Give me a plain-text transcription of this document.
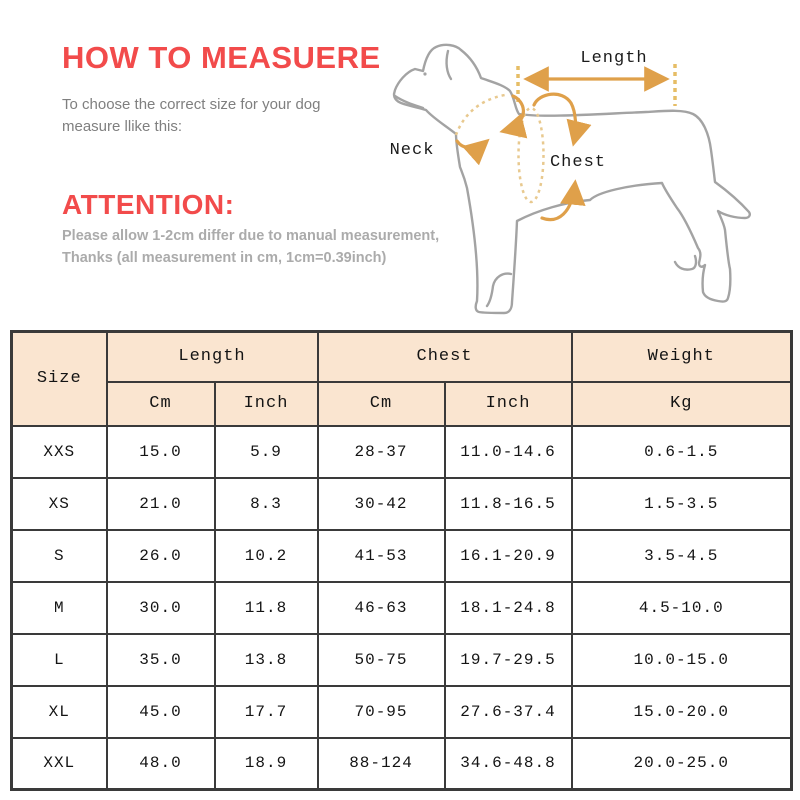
HOW TO MEASUERE
To choose the correct size for your dog
measure llike this:
ATTENTION:
Please allow 1-2cm differ due to manual measurement,
Thanks (all measurement in cm, 1cm=0.39inch)
Length
Neck
Chest
Size	Length		Chest		Weight
	Cm	Inch	Cm	Inch	Kg
XXS	15.0	5.9	28-37	11.0-14.6	0.6-1.5
XS	21.0	8.3	30-42	11.8-16.5	1.5-3.5
S	26.0	10.2	41-53	16.1-20.9	3.5-4.5
M	30.0	11.8	46-63	18.1-24.8	4.5-10.0
L	35.0	13.8	50-75	19.7-29.5	10.0-15.0
XL	45.0	17.7	70-95	27.6-37.4	15.0-20.0
XXL	48.0	18.9	88-124	34.6-48.8	20.0-25.0
